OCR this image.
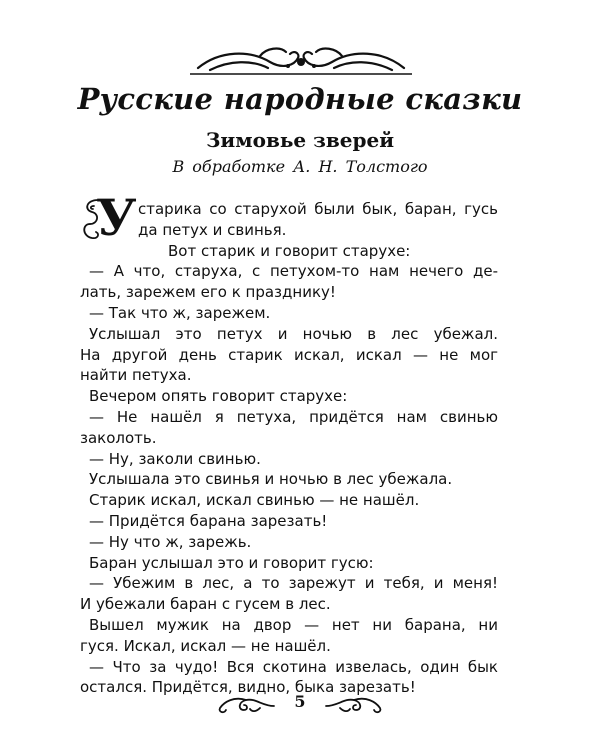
Русские народные сказки
Зимовье зверей
В обработке А. Н. Толстого
У старика со старухой были бык, баран, гусь
да петух и свинья.
Вот старик и говорит старухе:
— А что, старуха, с петухом-то нам нечего де-
лать, зарежем его к празднику!
— Так что ж, зарежем.
Услышал это петух и ночью в лес убежал.
На другой день старик искал, искал — не мог
найти петуха.
Вечером опять говорит старухе:
— Не нашёл я петуха, придётся нам свинью
заколоть.
— Ну, заколи свинью.
Услышала это свинья и ночью в лес убежала.
Старик искал, искал свинью — не нашёл.
— Придётся барана зарезать!
— Ну что ж, зарежь.
Баран услышал это и говорит гусю:
— Убежим в лес, а то зарежут и тебя, и меня!
И убежали баран с гусем в лес.
Вышел мужик на двор — нет ни барана, ни
гуся. Искал, искал — не нашёл.
— Что за чудо! Вся скотина извелась, один бык
остался. Придётся, видно, быка зарезать!
5
